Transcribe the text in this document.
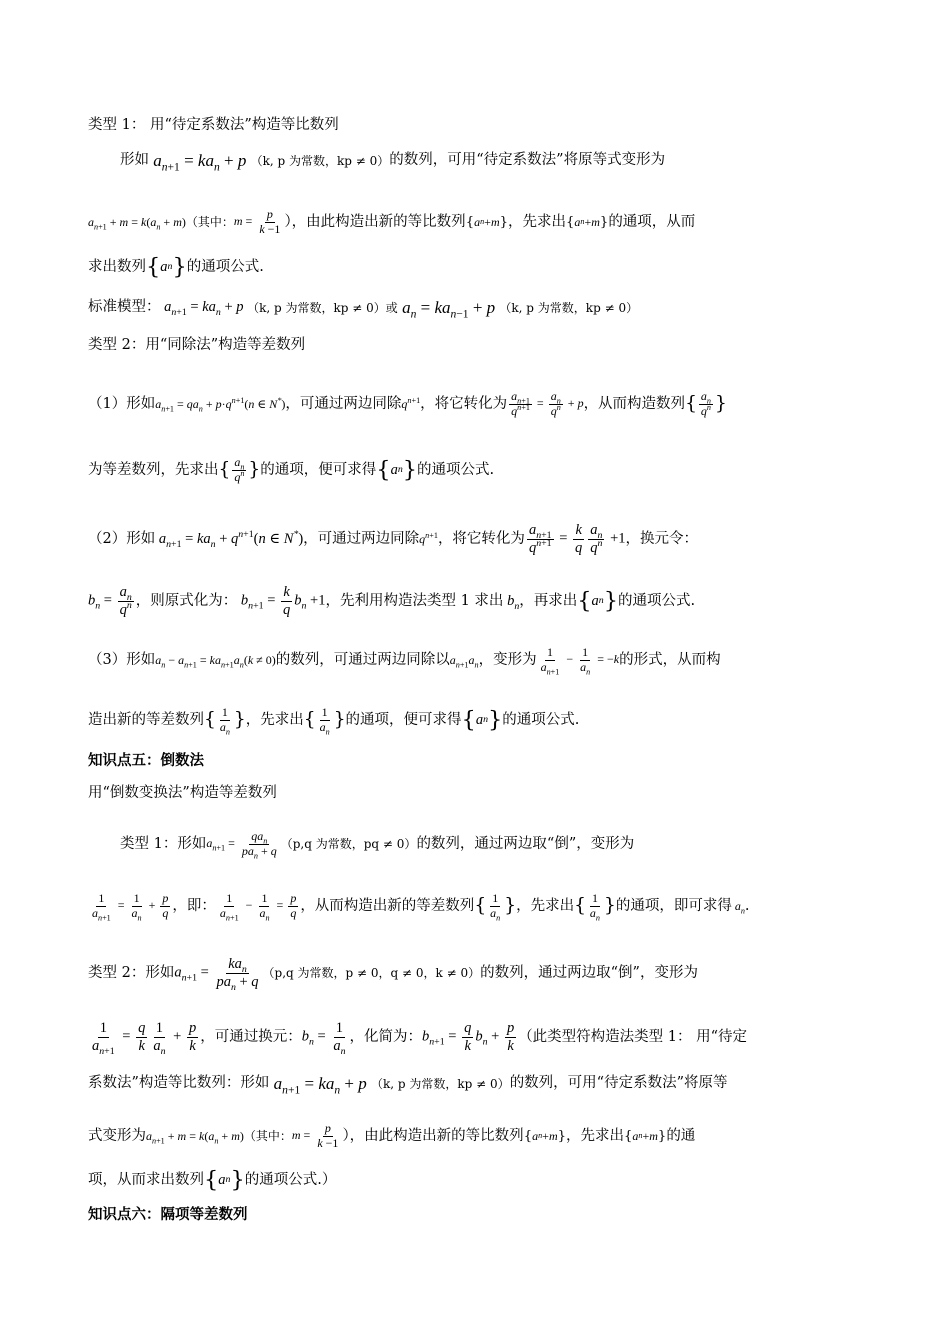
类型 1： 用“待定系数法”构造等比数列
形如 $a_{n+1} = ka_n + p$ （k, p 为常数，kp ≠ 0） 的数列，可用“待定系数法”将原等式变形为
$a_{n+1} + m = k(a_n + m)$ （其中： $m = \frac{p}{k -1}$ ），由此构造出新的等比数列 { a n + m } ，先求出 { a n + m } 的通项，从而
求出数列 { a n } 的通项公式.
标准模型： $a_{n+1} = ka_n + p$ （k, p 为常数，kp ≠ 0）或 $a_n = ka_{n-1} + p$ （k, p 为常数，kp ≠ 0）
类型 2：用“同除法”构造等差数列
（1）形如 $a_{n+1} = qa_n + p\cdot q^{n+1}(n$ ∈ N*) ，可通过两边同除 $q^{n+1}$ ，将它转化为 $\frac{a_{n+1}}{q^{n+1}} = \frac{a_n}{q^n} + p$ ，从而构造数列 { $\frac{a_n}{q^n}$ }
为等差数列，先求出 { $\frac{a_n}{q^n}$ } 的通项，便可求得 { a n } 的通项公式.
（2）形如 $a_{n+1} = ka_n + q^{n+1}(n$ ∈ N*) ，可通过两边同除 $q^{n+1}$ ，将它转化为 $\frac{a_{n+1}}{q^{n+1}} = \frac{k}{q} \frac{a_n}{q^n} +1$ ，换元令：
$b_n = \frac{a_n}{q^n}$ ，则原式化为： $b_{n+1} = \frac{k}{q} b_n +1$ ，先利用构造法类型 1 求出 $b_n$ ，再求出 { a n } 的通项公式.
（3）形如 $a_n - a_{n+1} = ka_{n+1}a_n(k \ne 0)$ 的数列，可通过两边同除以 $a_{n+1}a_n$ ，变形为 $\frac{1}{a_{n+1}} - \frac{1}{a_n} = -k$ 的形式，从而构
造出新的等差数列 { $\frac{1}{a_n}$ } ，先求出 { $\frac{1}{a_n}$ } 的通项，便可求得 { a n } 的通项公式.
知识点五：倒数法
用“倒数变换法”构造等差数列
类型 1：形如 $a_{n+1} = \frac{qa_n}{pa_n + q} (p,q$ 为常数，pq ≠ 0） 的数列，通过两边取“倒”，变形为
$\frac{1}{a_{n+1}} = \frac{1}{a_n} + \frac{p}{q}$ ，即： $\frac{1}{a_{n+1}} - \frac{1}{a_n} = \frac{p}{q}$ ，从而构造出新的等差数列 { $\frac{1}{a_n}$ } ，先求出 { $\frac{1}{a_n}$ } 的通项，即可求得 $a_n$ .
类型 2：形如 $a_{n+1} = \frac{ka_n}{pa_n + q} (p,q$ 为常数，p ≠ 0，q ≠ 0，k ≠ 0） 的数列，通过两边取“倒”，变形为
$\frac{1}{a_{n+1}} = \frac{q}{k} \frac{1}{a_n} + \frac{p}{k}$ ，可通过换元： $b_n = \frac{1}{a_n}$ ，化简为： $b_{n+1} = \frac{q}{k} b_n + \frac{p}{k}$ （此类型符构造法类型 1： 用“待定
系数法”构造等比数列：形如 $a_{n+1} = ka_n + p$ （k, p 为常数，kp ≠ 0） 的数列，可用“待定系数法”将原等
式变形为 $a_{n+1} + m = k(a_n + m)$ （其中： $m = \frac{p}{k -1}$ ），由此构造出新的等比数列 { a n + m } ，先求出 { a n + m } 的通
项，从而求出数列 { a n } 的通项公式.）
知识点六：隔项等差数列
